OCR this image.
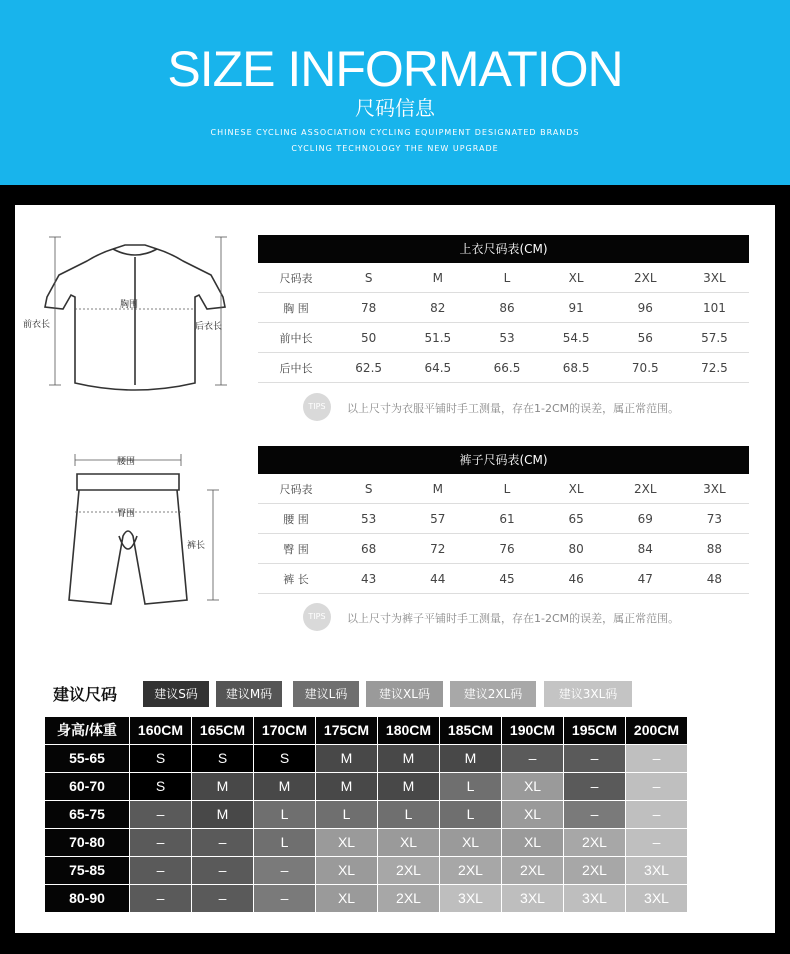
SIZE INFORMATION
尺码信息
CHINESE CYCLING ASSOCIATION CYCLING EQUIPMENT DESIGNATED BRANDS
CYCLING TECHNOLOGY THE NEW UPGRADE
胸围
前衣长	后衣长
上衣尺码表(CM)
尺码表	S	M	L	XL	2XL	3XL
胸 围	78	82	86	91	96	101
前中长	50	51.5	53	54.5	56	57.5
后中长	62.5	64.5	66.5	68.5	70.5	72.5
TIPS	以上尺寸为衣服平铺时手工测量，存在1-2CM的误差，属正常范围。
腰围
臀围
裤长
裤子尺码表(CM)
尺码表	S	M	L	XL	2XL	3XL
腰 围	53	57	61	65	69	73
臀 围	68	72	76	80	84	88
裤 长	43	44	45	46	47	48
TIPS	以上尺寸为裤子平铺时手工测量，存在1-2CM的误差，属正常范围。
建议尺码	建议S码	建议M码	建议L码	建议XL码	建议2XL码	建议3XL码
身高/体重	160CM	165CM	170CM	175CM	180CM	185CM	190CM	195CM	200CM
55-65	S	S	S	M	M	M	–	–	–
60-70	S	M	M	M	M	L	XL	–	–
65-75	–	M	L	L	L	L	XL	–	–
70-80	–	–	L	XL	XL	XL	XL	2XL	–
75-85	–	–	–	XL	2XL	2XL	2XL	2XL	3XL
80-90	–	–	–	XL	2XL	3XL	3XL	3XL	3XL
